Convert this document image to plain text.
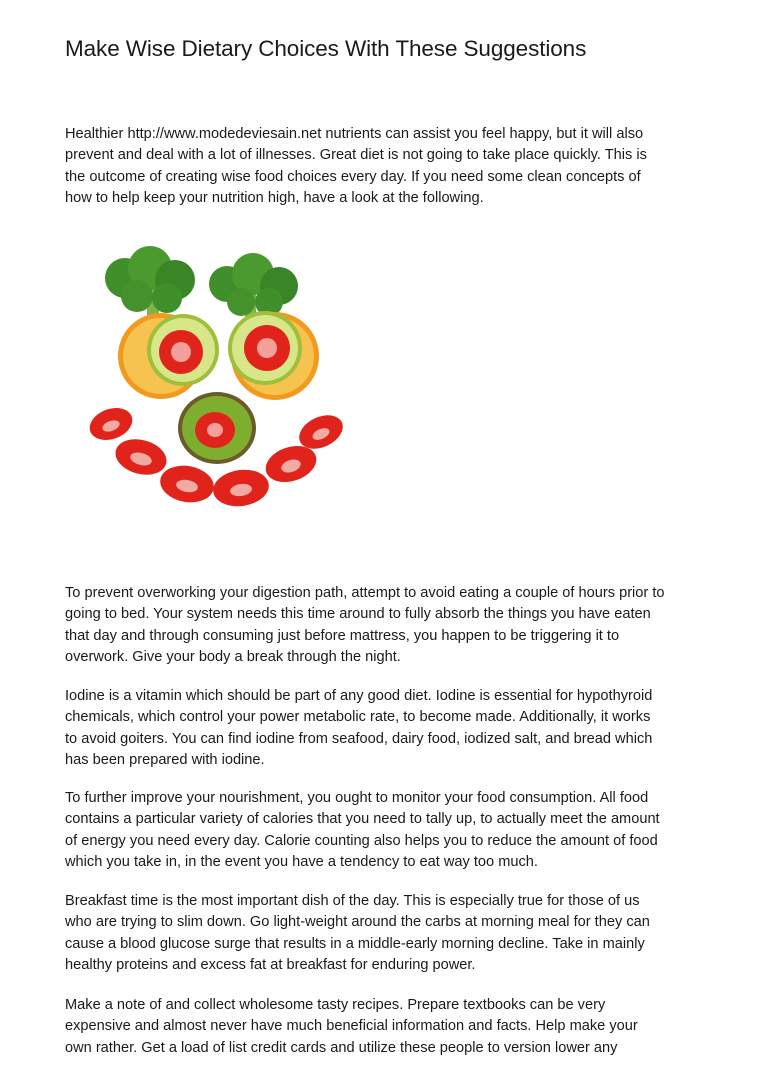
Make Wise Dietary Choices With These Suggestions

Healthier http://www.modedeviesain.net nutrients can assist you feel happy, but it will also
prevent and deal with a lot of illnesses. Great diet is not going to take place quickly. This is
the outcome of creating wise food choices every day. If you need some clean concepts of
how to help keep your nutrition high, have a look at the following.

To prevent overworking your digestion path, attempt to avoid eating a couple of hours prior to
going to bed. Your system needs this time around to fully absorb the things you have eaten
that day and through consuming just before mattress, you happen to be triggering it to
overwork. Give your body a break through the night.

Iodine is a vitamin which should be part of any good diet. Iodine is essential for hypothyroid
chemicals, which control your power metabolic rate, to become made. Additionally, it works
to avoid goiters. You can find iodine from seafood, dairy food, iodized salt, and bread which
has been prepared with iodine.

To further improve your nourishment, you ought to monitor your food consumption. All food
contains a particular variety of calories that you need to tally up, to actually meet the amount
of energy you need every day. Calorie counting also helps you to reduce the amount of food
which you take in, in the event you have a tendency to eat way too much.

Breakfast time is the most important dish of the day. This is especially true for those of us
who are trying to slim down. Go light-weight around the carbs at morning meal for they can
cause a blood glucose surge that results in a middle-early morning decline. Take in mainly
healthy proteins and excess fat at breakfast for enduring power.

Make a note of and collect wholesome tasty recipes. Prepare textbooks can be very
expensive and almost never have much beneficial information and facts. Help make your
own rather. Get a load of list credit cards and utilize these people to version lower any
